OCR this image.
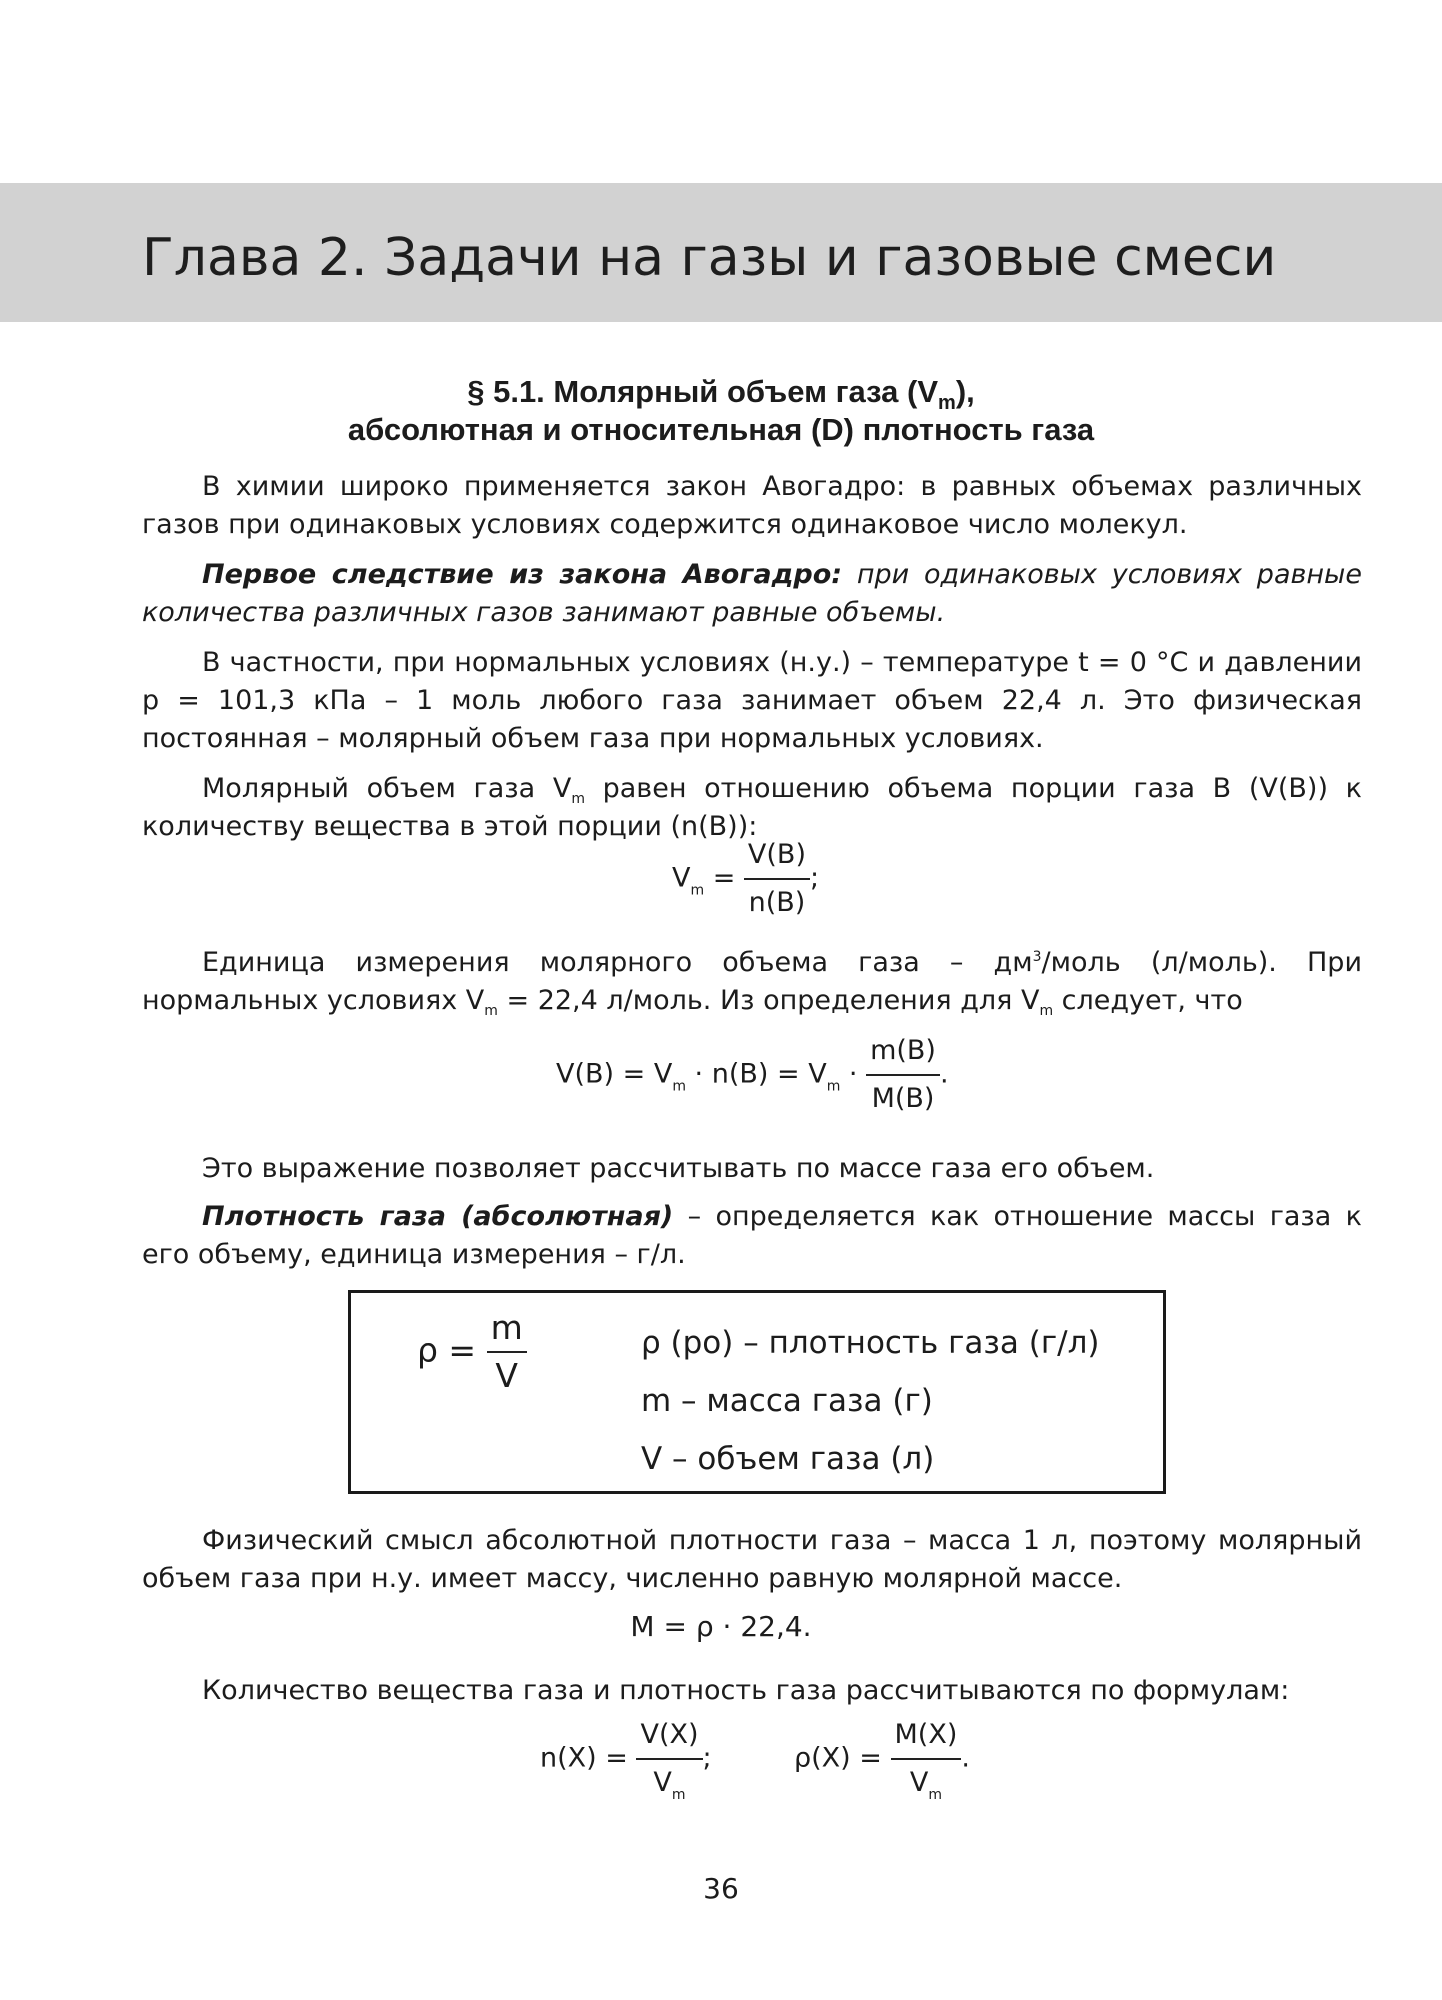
Глава 2. Задачи на газы и газовые смеси
§ 5.1. Молярный объем газа $(V_m)$,
абсолютная и относительная (D) плотность газа
В химии широко применяется закон Авогадро: в равных объемах различных газов при одинаковых условиях содержится одинаковое число молекул.
Первое следствие из закона Авогадро: при одинаковых условиях равные количества различных газов занимают равные объемы.
В частности, при нормальных условиях (н.у.) – температуре t = 0 °C и давлении p = 101,3 кПа – 1 моль любого газа занимает объем 22,4 л. Это физическая постоянная – молярный объем газа при нормальных условиях.
Молярный объем газа $V_m$ равен отношению объема порции газа B (V(B)) к количеству вещества в этой порции (n(B)):
$V_m = \frac{V(B)}{n(B)}$ ;
Единица измерения молярного объема газа – $дм^3$/моль (л/моль). При нормальных условиях $V_m = 22,4$ л/моль. Из определения для $V_m$ следует, что
$V(B) = V_m \cdot n(B) = V_m \cdot \frac{m(B)}{M(B)}$ .
Это выражение позволяет рассчитывать по массе газа его объем.
Плотность газа (абсолютная) – определяется как отношение массы газа к его объему, единица измерения – г/л.
$\rho = \frac{m}{V}$	ρ (ро) – плотность газа (г/л)
m – масса газа (г)
V – объем газа (л)
Физический смысл абсолютной плотности газа – масса 1 л, поэтому молярный объем газа при н.у. имеет массу, численно равную молярной массе.
M = ρ · 22,4.
Количество вещества газа и плотность газа рассчитываются по формулам:
$n(X) = \frac{V(X)}{V_m}$ ;	$\rho(X) = \frac{M(X)}{V_m}$ .
36
